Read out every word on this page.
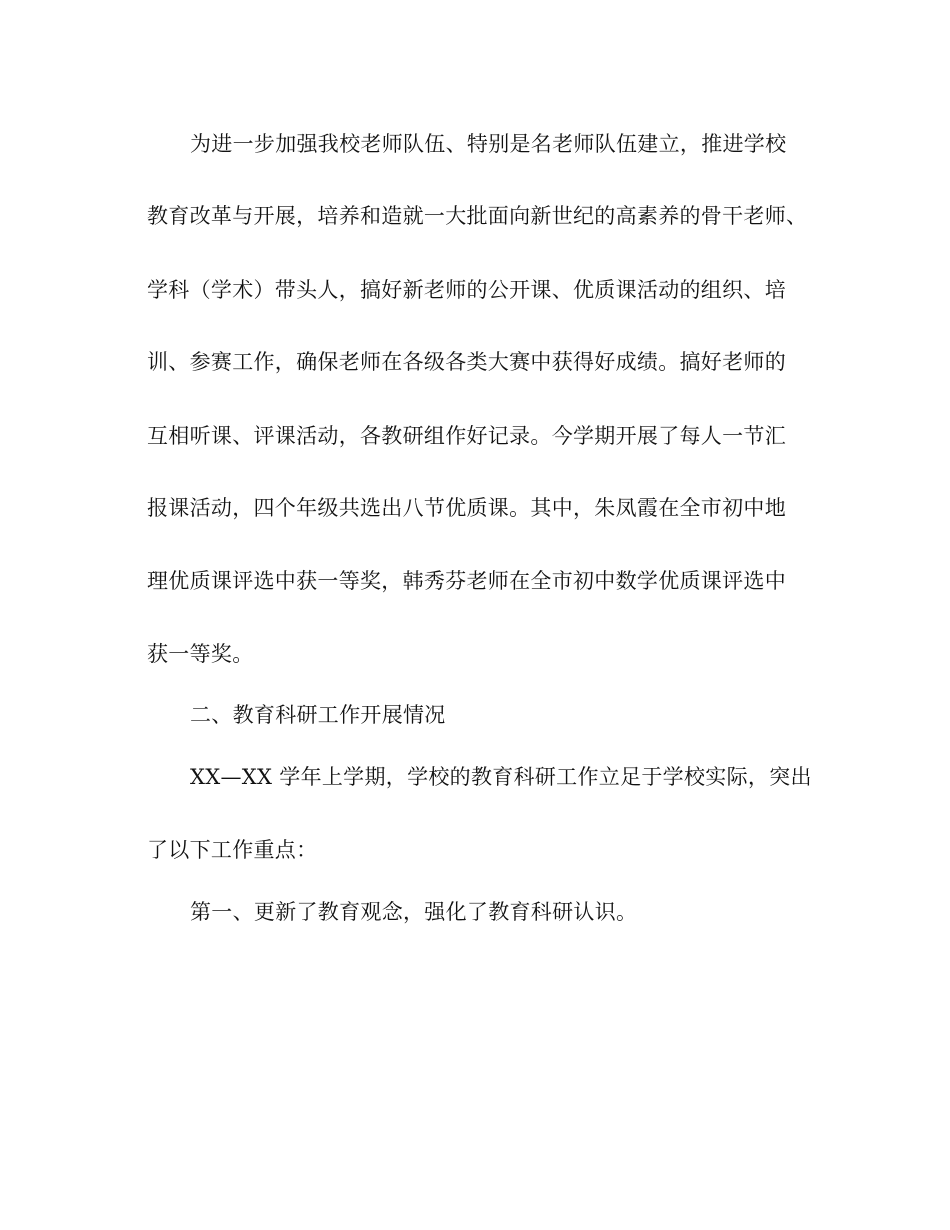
为进一步加强我校老师队伍、特别是名老师队伍建立，推进学校
教育改革与开展，培养和造就一大批面向新世纪的高素养的骨干老师、
学科（学术）带头人，搞好新老师的公开课、优质课活动的组织、培
训、参赛工作，确保老师在各级各类大赛中获得好成绩。搞好老师的
互相听课、评课活动，各教研组作好记录。今学期开展了每人一节汇
报课活动，四个年级共选出八节优质课。其中，朱凤霞在全市初中地
理优质课评选中获一等奖，韩秀芬老师在全市初中数学优质课评选中
获一等奖。
二、教育科研工作开展情况
XX—XX 学年上学期，学校的教育科研工作立足于学校实际，突出
了以下工作重点：
第一、更新了教育观念，强化了教育科研认识。
